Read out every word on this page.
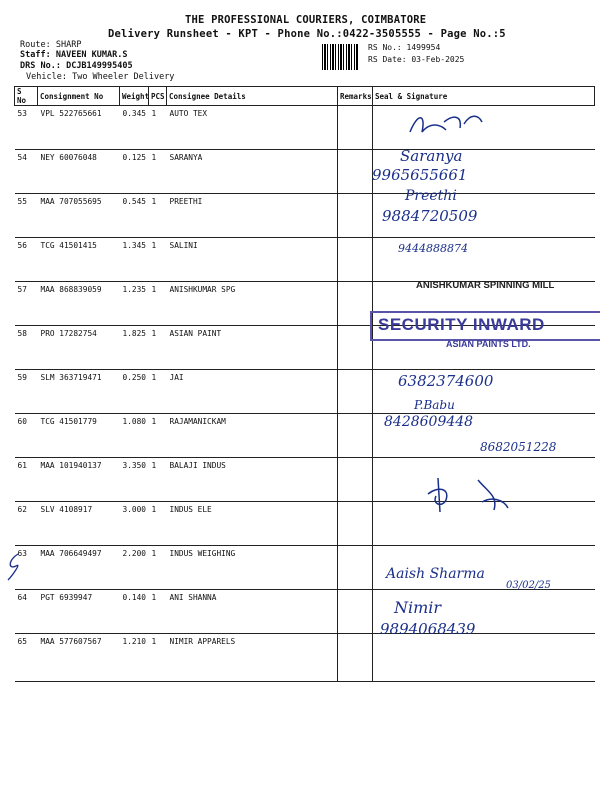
THE PROFESSIONAL COURIERS, COIMBATORE
Delivery Runsheet - KPT - Phone No.:0422-3505555 - Page No.:5
Route: SHARP
Staff: NAVEEN KUMAR.S
DRS No.: DCJB149995405
Vehicle: Two Wheeler Delivery
RS No.: 1499954
RS Date: 03-Feb-2025
S No	Consignment No	Weight	PCS	Consignee Details	Remarks	Seal & Signature
53	VPL 522765661	0.345	1	AUTO TEX		
54	NEY 60076048	0.125	1	SARANYA		
55	MAA 707055695	0.545	1	PREETHI		
56	TCG 41501415	1.345	1	SALINI		
57	MAA 868839059	1.235	1	ANISHKUMAR SPG		
58	PRO 17282754	1.825	1	ASIAN PAINT		
59	SLM 363719471	0.250	1	JAI		
60	TCG 41501779	1.080	1	RAJAMANICKAM		
61	MAA 101940137	3.350	1	BALAJI INDUS		
62	SLV 4108917	3.000	1	INDUS ELE		
63	MAA 706649497	2.200	1	INDUS WEIGHING		
64	PGT 6939947	0.140	1	ANI SHANNA		
65	MAA 577607567	1.210	1	NIMIR APPARELS		
Saranya
9965655661
Preethi
9884720509
9444888874
ANISHKUMAR SPINNING MILL
SECURITY INWARD
ASIAN PAINTS LTD.
6382374600
P.Babu
8428609448
8682051228
Aaish Sharma
03/02/25
Nimir
9894068439
